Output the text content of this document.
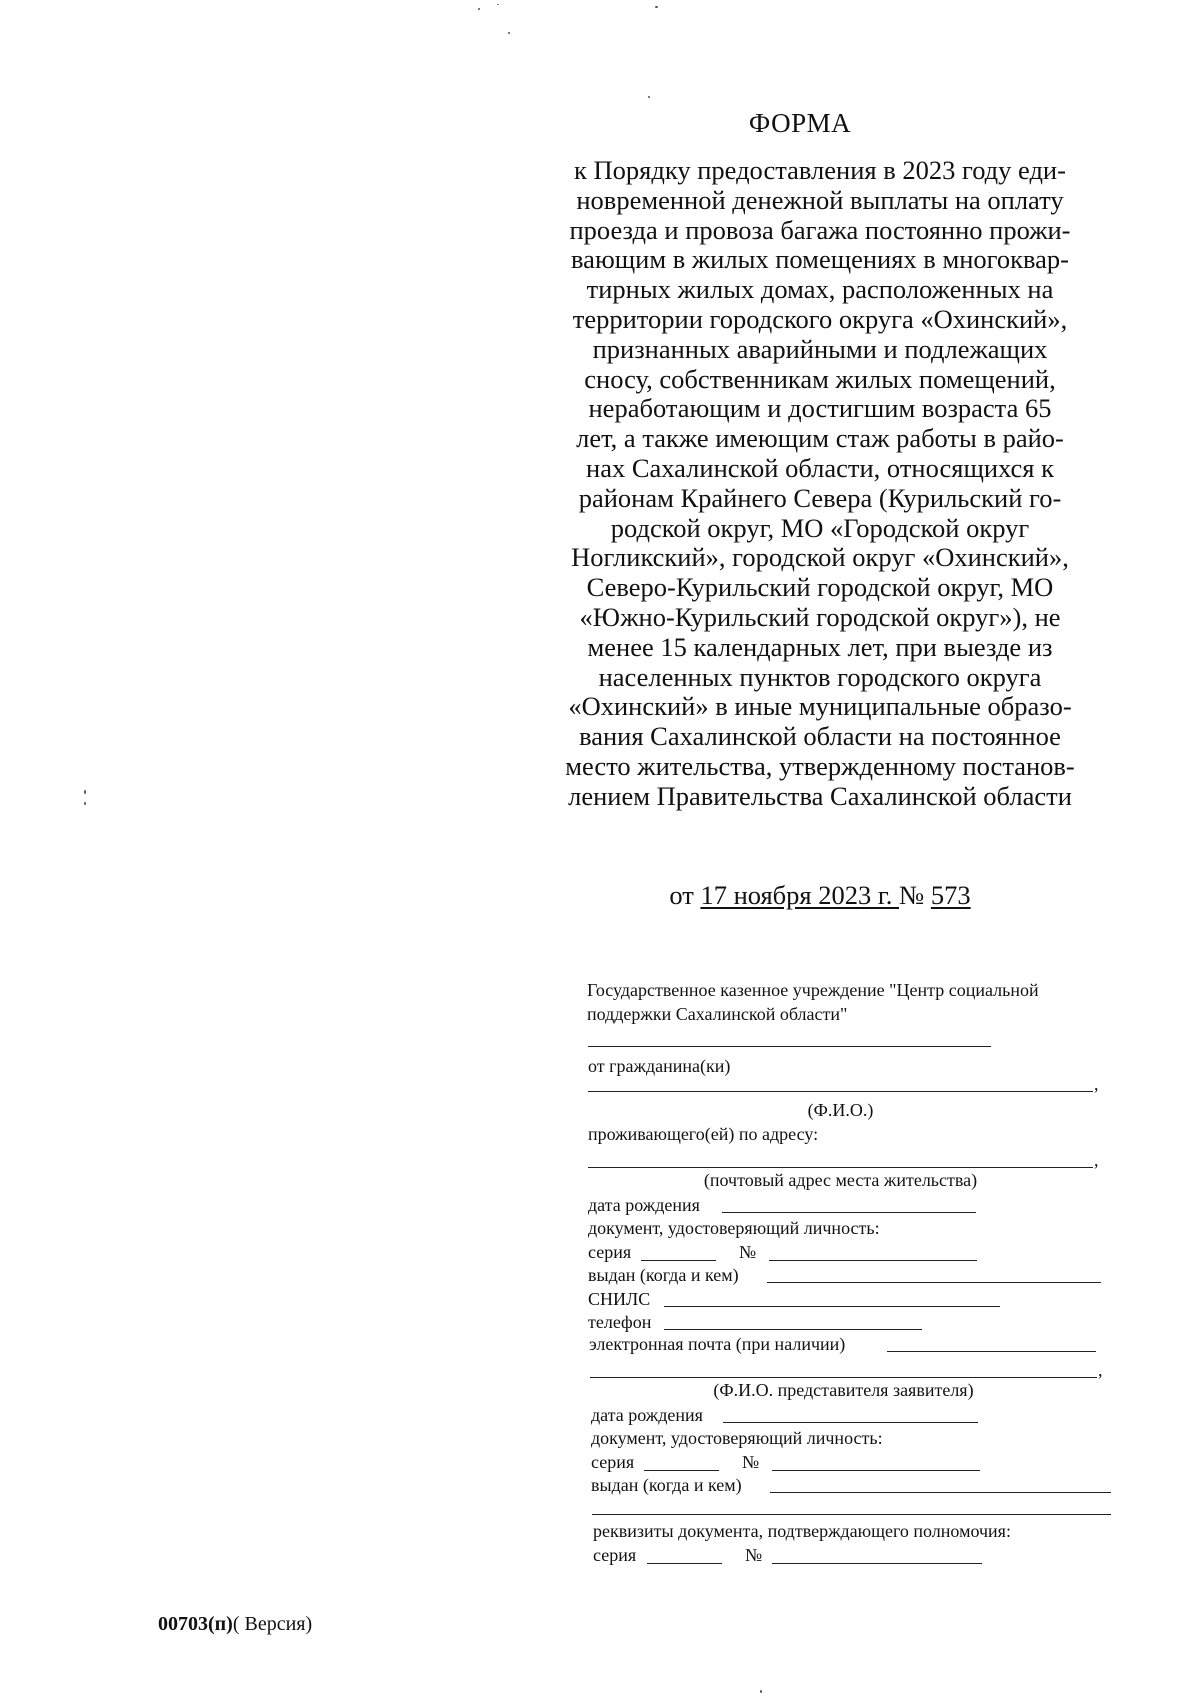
ФОРМА
к Порядку предоставления в 2023 году еди-
новременной денежной выплаты на оплату
проезда и провоза багажа постоянно прожи-
вающим в жилых помещениях в многоквар-
тирных жилых домах, расположенных на
территории городского округа «Охинский»,
признанных аварийными и подлежащих
сносу, собственникам жилых помещений,
неработающим и достигшим возраста 65
лет, а также имеющим стаж работы в райо-
нах Сахалинской области, относящихся к
районам Крайнего Севера (Курильский го-
родской округ, МО «Городской округ
Ногликский», городской округ «Охинский»,
Северо-Курильский городской округ, МО
«Южно-Курильский городской округ»), не
менее 15 календарных лет, при выезде из
населенных пунктов городского округа
«Охинский» в иные муниципальные образо-
вания Сахалинской области на постоянное
место жительства, утвержденному постанов-
лением Правительства Сахалинской области
от 17 ноября 2023 г. № 573
Государственное казенное учреждение "Центр социальной
поддержки Сахалинской области"
от гражданина(ки)
,
(Ф.И.О.)
проживающего(ей) по адресу:
,
(почтовый адрес места жительства)
дата рождения
документ, удостоверяющий личность:
серия	№
выдан (когда и кем)
СНИЛС
телефон
электронная почта (при наличии)
,
(Ф.И.О. представителя заявителя)
дата рождения
документ, удостоверяющий личность:
серия	№
выдан (когда и кем)
реквизиты документа, подтверждающего полномочия:
серия	№
00703(п)( Версия)
